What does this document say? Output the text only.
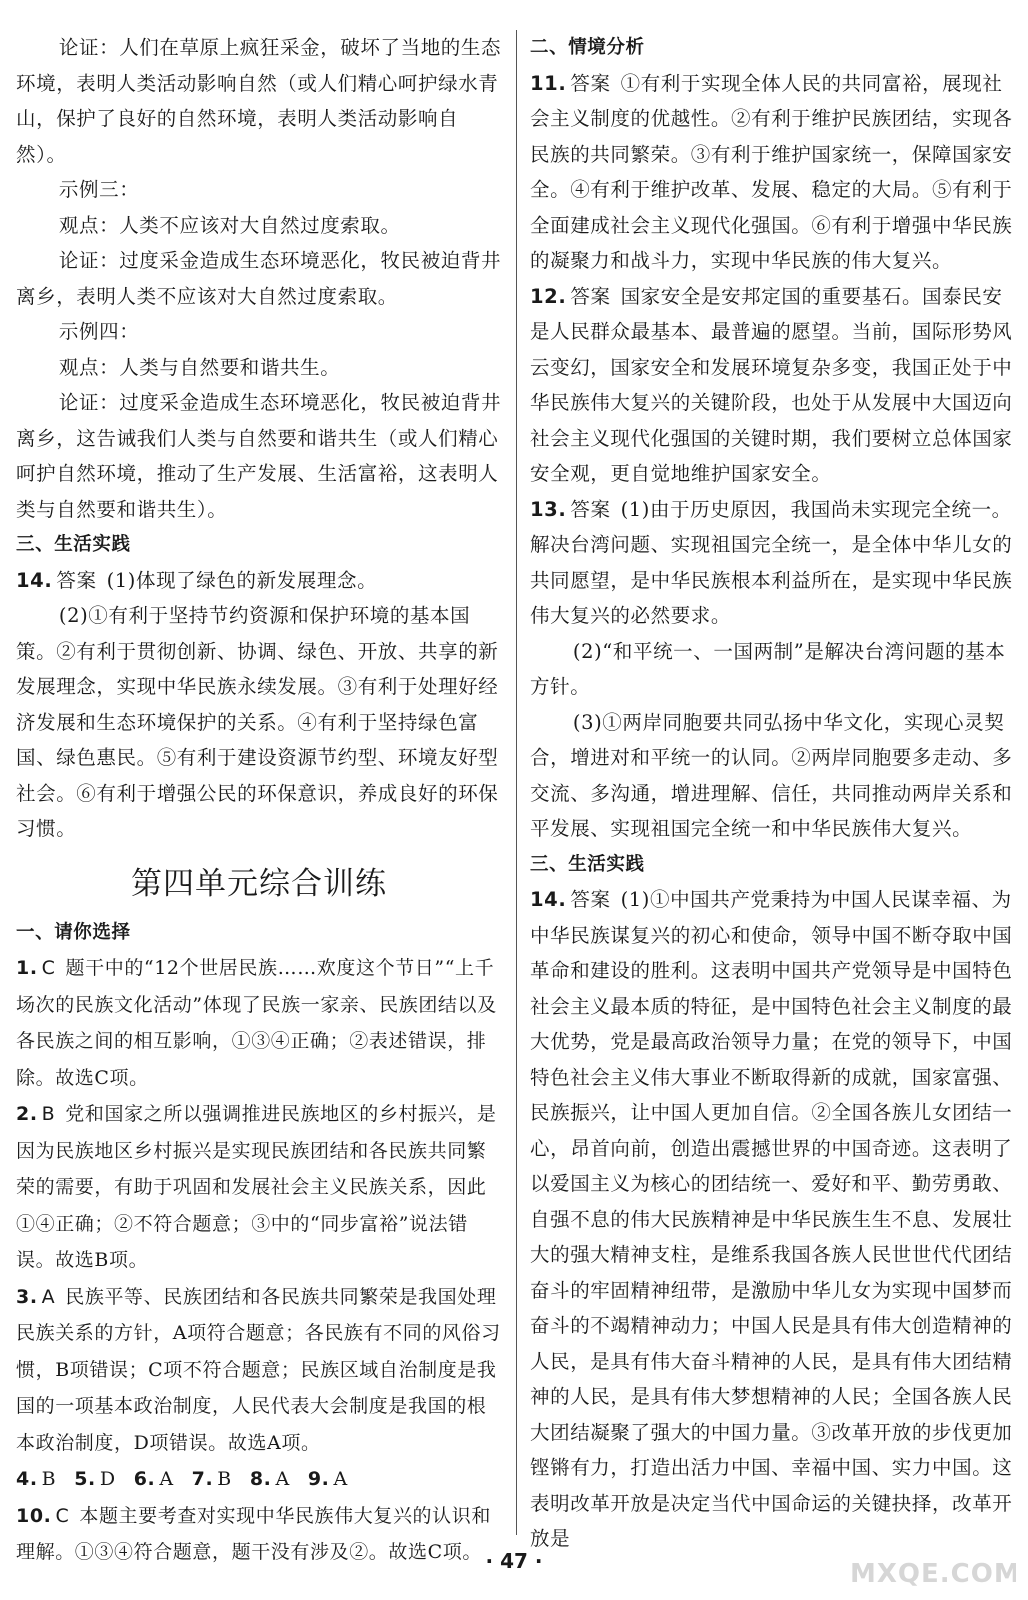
论证：人们在草原上疯狂采金，破坏了当地的生态环境，表明人类活动影响自然（或人们精心呵护绿水青山，保护了良好的自然环境，表明人类活动影响自然）。

示例三：

观点：人类不应该对大自然过度索取。

论证：过度采金造成生态环境恶化，牧民被迫背井离乡，表明人类不应该对大自然过度索取。

示例四：

观点：人类与自然要和谐共生。

论证：过度采金造成生态环境恶化，牧民被迫背井离乡，这告诫我们人类与自然要和谐共生（或人们精心呵护自然环境，推动了生产发展、生活富裕，这表明人类与自然要和谐共生）。

三、生活实践

14. 答案 (1)体现了绿色的新发展理念。

(2)①有利于坚持节约资源和保护环境的基本国策。②有利于贯彻创新、协调、绿色、开放、共享的新发展理念，实现中华民族永续发展。③有利于处理好经济发展和生态环境保护的关系。④有利于坚持绿色富国、绿色惠民。⑤有利于建设资源节约型、环境友好型社会。⑥有利于增强公民的环保意识，养成良好的环保习惯。

第四单元综合训练

一、请你选择

1. C 题干中的“12个世居民族……欢度这个节日”“上千场次的民族文化活动”体现了民族一家亲、民族团结以及各民族之间的相互影响，①③④正确；②表述错误，排除。故选C项。

2. B 党和国家之所以强调推进民族地区的乡村振兴，是因为民族地区乡村振兴是实现民族团结和各民族共同繁荣的需要，有助于巩固和发展社会主义民族关系，因此①④正确；②不符合题意；③中的“同步富裕”说法错误。故选B项。

3. A 民族平等、民族团结和各民族共同繁荣是我国处理民族关系的方针，A项符合题意；各民族有不同的风俗习惯，B项错误；C项不符合题意；民族区域自治制度是我国的一项基本政治制度，人民代表大会制度是我国的根本政治制度，D项错误。故选A项。

4. B 5. D 6. A 7. B 8. A 9. A

10. C 本题主要考查对实现中华民族伟大复兴的认识和理解。①③④符合题意，题干没有涉及②。故选C项。

二、情境分析

11. 答案 ①有利于实现全体人民的共同富裕，展现社会主义制度的优越性。②有利于维护民族团结，实现各民族的共同繁荣。③有利于维护国家统一，保障国家安全。④有利于维护改革、发展、稳定的大局。⑤有利于全面建成社会主义现代化强国。⑥有利于增强中华民族的凝聚力和战斗力，实现中华民族的伟大复兴。

12. 答案 国家安全是安邦定国的重要基石。国泰民安是人民群众最基本、最普遍的愿望。当前，国际形势风云变幻，国家安全和发展环境复杂多变，我国正处于中华民族伟大复兴的关键阶段，也处于从发展中大国迈向社会主义现代化强国的关键时期，我们要树立总体国家安全观，更自觉地维护国家安全。

13. 答案 (1)由于历史原因，我国尚未实现完全统一。解决台湾问题、实现祖国完全统一，是全体中华儿女的共同愿望，是中华民族根本利益所在，是实现中华民族伟大复兴的必然要求。

(2)“和平统一、一国两制”是解决台湾问题的基本方针。

(3)①两岸同胞要共同弘扬中华文化，实现心灵契合，增进对和平统一的认同。②两岸同胞要多走动、多交流、多沟通，增进理解、信任，共同推动两岸关系和平发展、实现祖国完全统一和中华民族伟大复兴。

三、生活实践

14. 答案 (1)①中国共产党秉持为中国人民谋幸福、为中华民族谋复兴的初心和使命，领导中国不断夺取中国革命和建设的胜利。这表明中国共产党领导是中国特色社会主义最本质的特征，是中国特色社会主义制度的最大优势，党是最高政治领导力量；在党的领导下，中国特色社会主义伟大事业不断取得新的成就，国家富强、民族振兴，让中国人更加自信。②全国各族儿女团结一心，昂首向前，创造出震撼世界的中国奇迹。这表明了以爱国主义为核心的团结统一、爱好和平、勤劳勇敢、自强不息的伟大民族精神是中华民族生生不息、发展壮大的强大精神支柱，是维系我国各族人民世世代代团结奋斗的牢固精神纽带，是激励中华儿女为实现中国梦而奋斗的不竭精神动力；中国人民是具有伟大创造精神的人民，是具有伟大奋斗精神的人民，是具有伟大团结精神的人民，是具有伟大梦想精神的人民；全国各族人民大团结凝聚了强大的中国力量。③改革开放的步伐更加铿锵有力，打造出活力中国、幸福中国、实力中国。这表明改革开放是决定当代中国命运的关键抉择，改革开放是

· 47 ·	MXQE.COM
